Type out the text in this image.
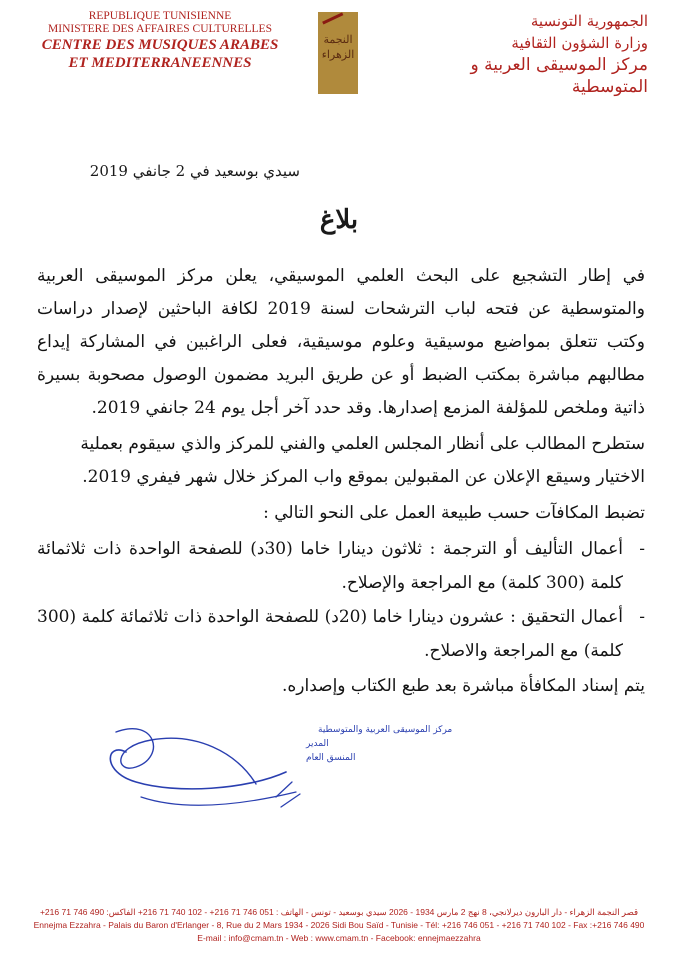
REPUBLIQUE TUNISIENNE
MINISTERE DES AFFAIRES CULTURELLES
CENTRE DES MUSIQUES ARABES
ET MEDITERRANEENNES
النجمة الزهراء
الجمهورية التونسية
وزارة الشؤون الثقافية
مركز الموسيقى العربية و المتوسطية
سيدي بوسعيد في 2 جانفي 2019
بلاغ
في إطار التشجيع على البحث العلمي الموسيقي، يعلن مركز الموسيقى العربية والمتوسطية عن فتحه لباب الترشحات لسنة 2019 لكافة الباحثين لإصدار دراسات وكتب تتعلق بمواضيع موسيقية وعلوم موسيقية، فعلى الراغبين في المشاركة إيداع مطالبهم مباشرة بمكتب الضبط أو عن طريق البريد مضمون الوصول مصحوبة بسيرة ذاتية وملخص للمؤلفة المزمع إصدارها. وقد حدد آخر أجل يوم 24 جانفي 2019.
ستطرح المطالب على أنظار المجلس العلمي والفني للمركز والذي سيقوم بعملية الاختيار وسيقع الإعلان عن المقبولين بموقع واب المركز خلال شهر فيفري 2019.
تضبط المكافآت حسب طبيعة العمل على النحو التالي :
-
أعمال التأليف أو الترجمة : ثلاثون دينارا خاما (30د) للصفحة الواحدة ذات ثلاثمائة كلمة (300 كلمة) مع المراجعة والإصلاح.
-
أعمال التحقيق : عشرون دينارا خاما (20د) للصفحة الواحدة ذات ثلاثمائة كلمة (300 كلمة) مع المراجعة والاصلاح.
يتم إسناد المكافأة مباشرة بعد طبع الكتاب وإصداره.
مركز الموسيقى العربية والمتوسطية
المدير
المنسق العام
قصر النجمة الزهراء - دار البارون ديرلانجي، 8 نهج 2 مارس 1934 - 2026 سيدي بوسعيد - تونس - الهاتف : 051 746 71 216+ - 102 740 71 216+ الفاكس: 490 746 71 216+
Ennejma Ezzahra - Palais du Baron d'Erlanger - 8, Rue du 2 Mars 1934 - 2026 Sidi Bou Saïd - Tunisie - Tél: +216 746 051 - +216 71 740 102 - Fax :+216 746 490
E-mail : info@cmam.tn - Web : www.cmam.tn - Facebook: ennejmaezzahra
